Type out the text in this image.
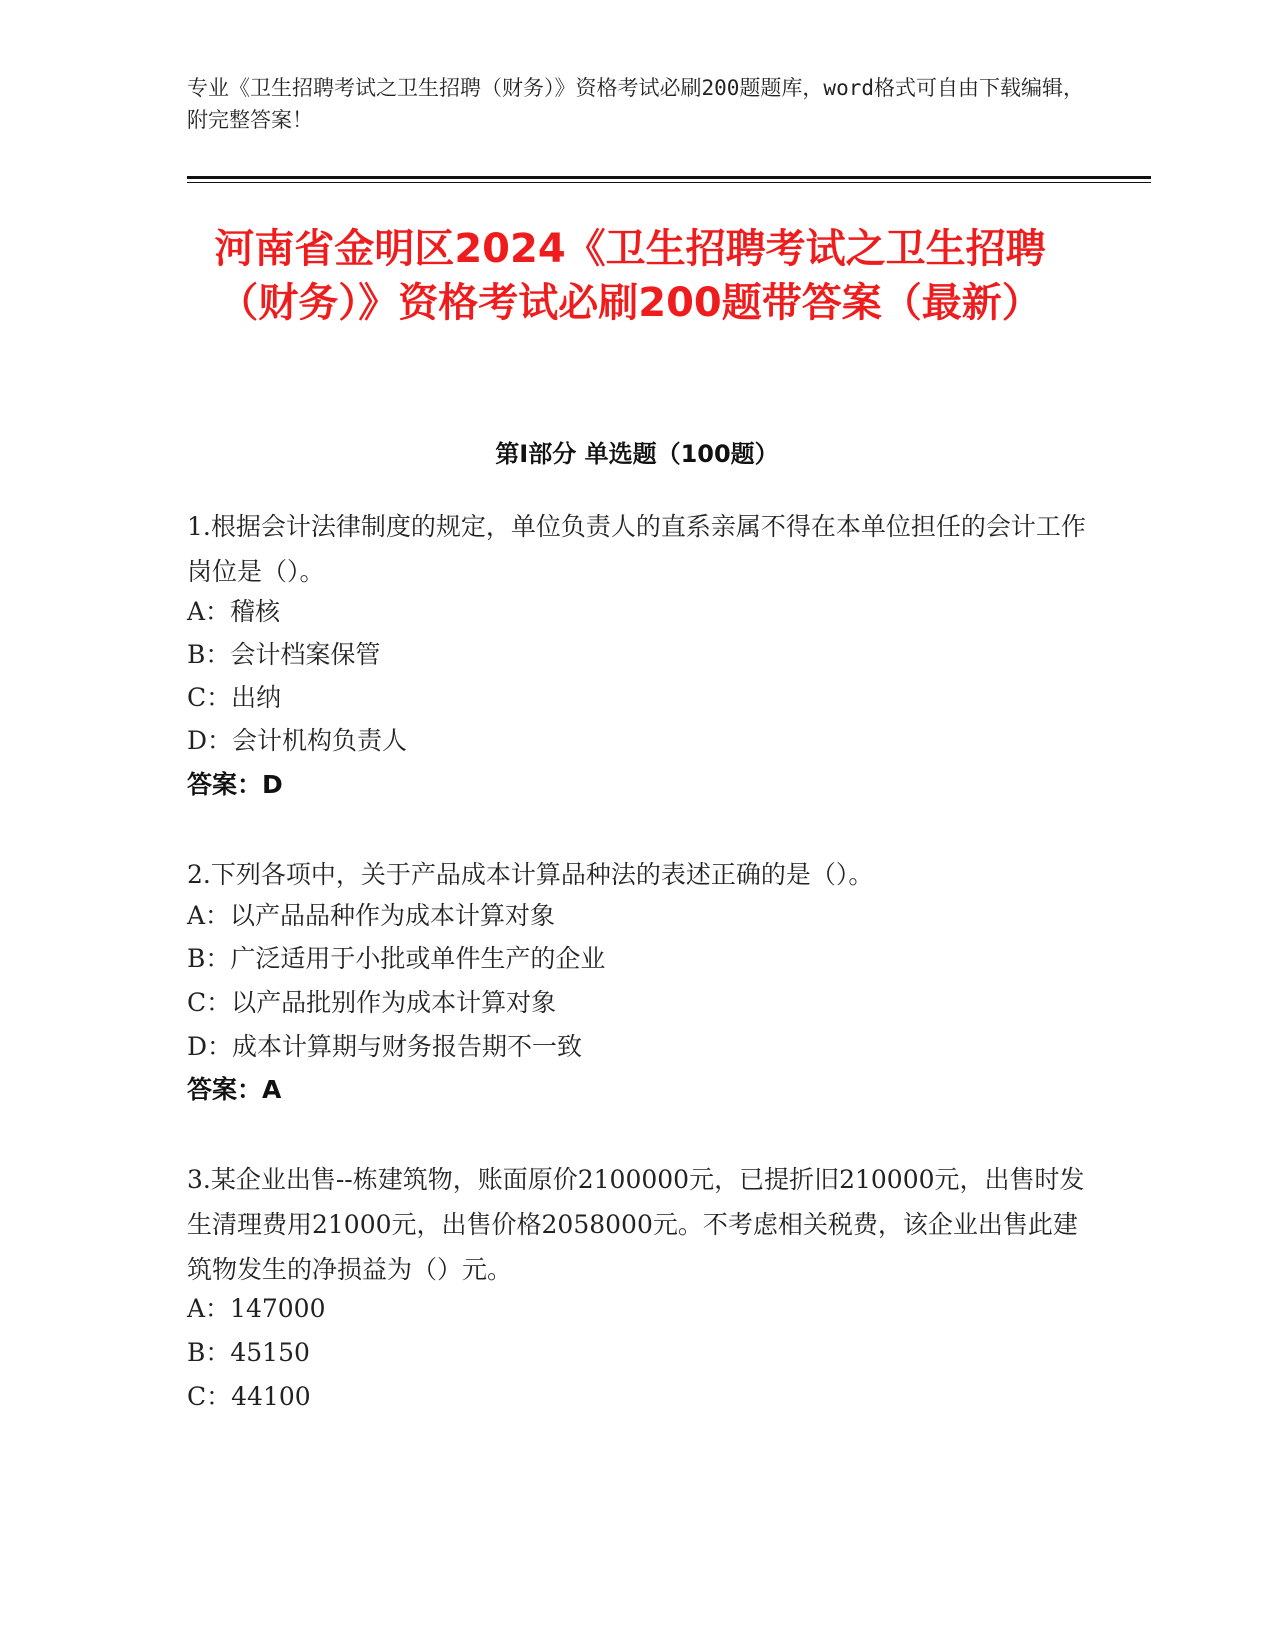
专业《卫生招聘考试之卫生招聘（财务）》资格考试必刷200题题库，word格式可自由下载编辑，附完整答案！
河南省金明区2024《卫生招聘考试之卫生招聘（财务）》资格考试必刷200题带答案（最新）
第Ⅰ部分 单选题（100题）
1.根据会计法律制度的规定，单位负责人的直系亲属不得在本单位担任的会计工作岗位是（）。
A：稽核
B：会计档案保管
C：出纳
D：会计机构负责人
答案：D
2.下列各项中，关于产品成本计算品种法的表述正确的是（）。
A：以产品品种作为成本计算对象
B：广泛适用于小批或单件生产的企业
C：以产品批别作为成本计算对象
D：成本计算期与财务报告期不一致
答案：A
3.某企业出售--栋建筑物，账面原价2100000元，已提折旧210000元，出售时发生清理费用21000元，出售价格2058000元。不考虑相关税费，该企业出售此建筑物发生的净损益为（）元。
A：147000
B：45150
C：44100
